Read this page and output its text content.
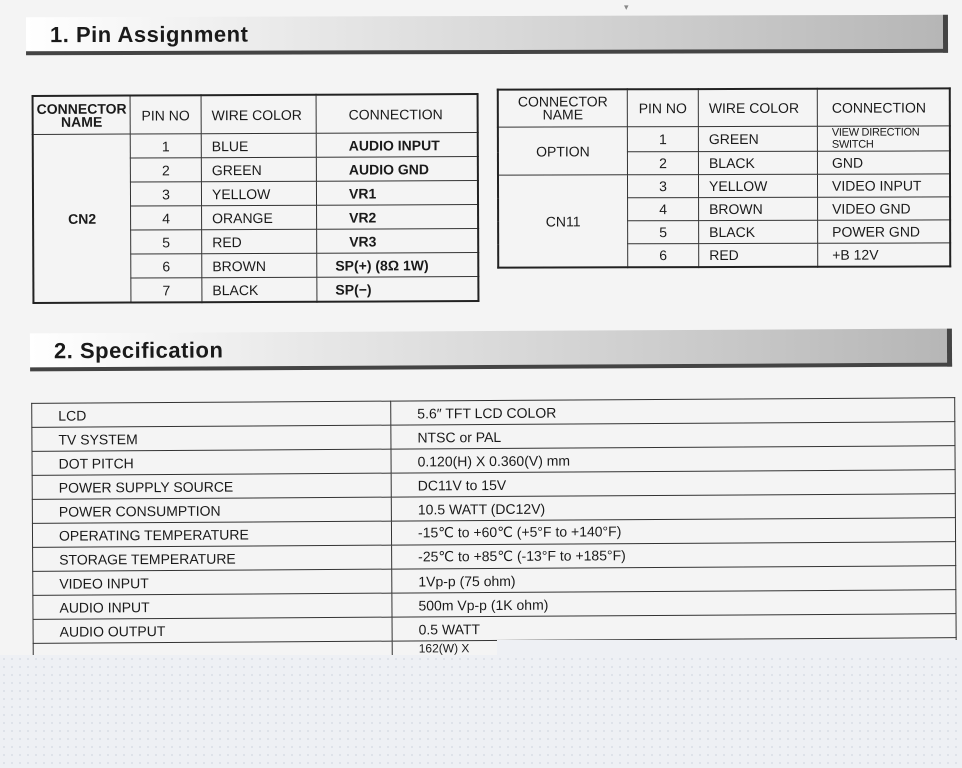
▾
1. Pin Assignment
CONNECTOR
NAME	PIN NO	WIRE COLOR	CONNECTION
CN2	1	BLUE	AUDIO INPUT
	2	GREEN	AUDIO GND
	3	YELLOW	VR1
	4	ORANGE	VR2
	5	RED	VR3
	6	BROWN	SP(+) (8Ω 1W)
	7	BLACK	SP(−)
CONNECTOR
NAME	PIN NO	WIRE COLOR	CONNECTION
OPTION	1	GREEN	VIEW DIRECTION SWITCH
	2	BLACK	GND
CN11	3	YELLOW	VIDEO INPUT
	4	BROWN	VIDEO GND
	5	BLACK	POWER GND
	6	RED	+B 12V
2. Specification
LCD	5.6″ TFT LCD COLOR
TV SYSTEM	NTSC or PAL
DOT PITCH	0.120(H) X 0.360(V) mm
POWER SUPPLY SOURCE	DC11V to 15V
POWER CONSUMPTION	10.5 WATT (DC12V)
OPERATING TEMPERATURE	-15℃ to +60℃ (+5°F to +140°F)
STORAGE TEMPERATURE	-25℃ to +85℃ (-13°F to +185°F)
VIDEO INPUT	1Vp-p (75 ohm)
AUDIO INPUT	500m Vp-p (1K ohm)
AUDIO OUTPUT	0.5 WATT
	162(W) X
